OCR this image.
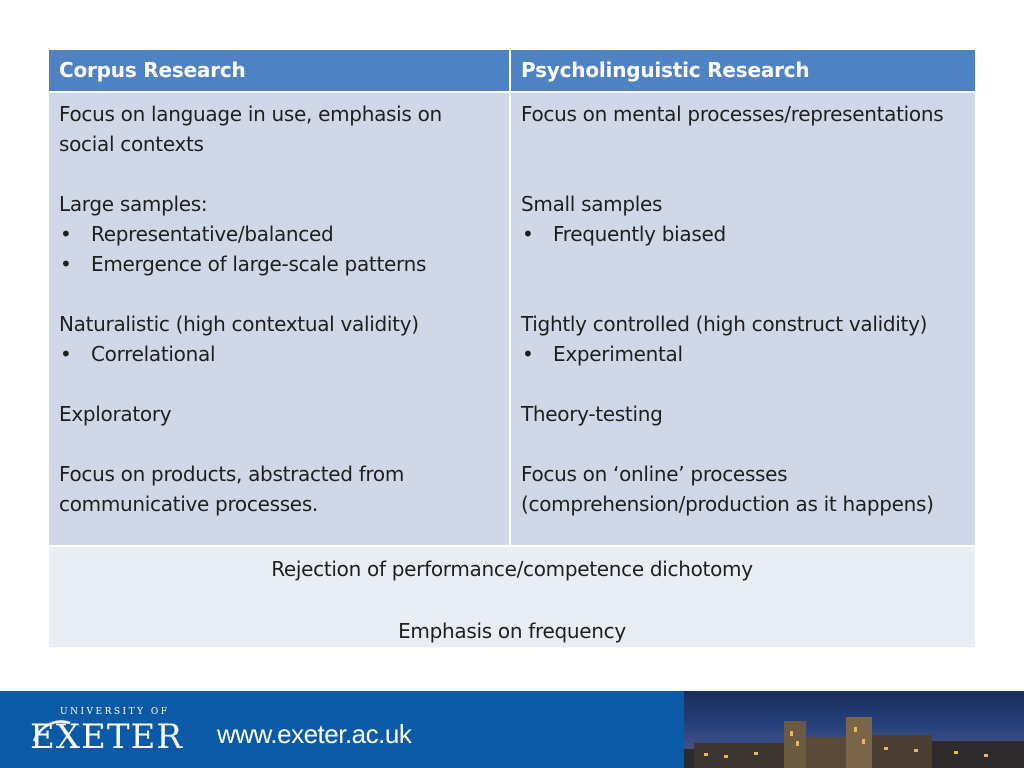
Corpus Research	Psycholinguistic Research
Focus on language in use, emphasis on
social contexts
Large samples:
• Representative/balanced
• Emergence of large-scale patterns
Naturalistic (high contextual validity)
• Correlational
Exploratory
Focus on products, abstracted from
communicative processes.
Focus on mental processes/representations
Small samples
• Frequently biased
Tightly controlled (high construct validity)
• Experimental
Theory-testing
Focus on ‘online’ processes
(comprehension/production as it happens)
Rejection of performance/competence dichotomy
Emphasis on frequency
UNIVERSITY OF
EXETER www.exeter.ac.uk
